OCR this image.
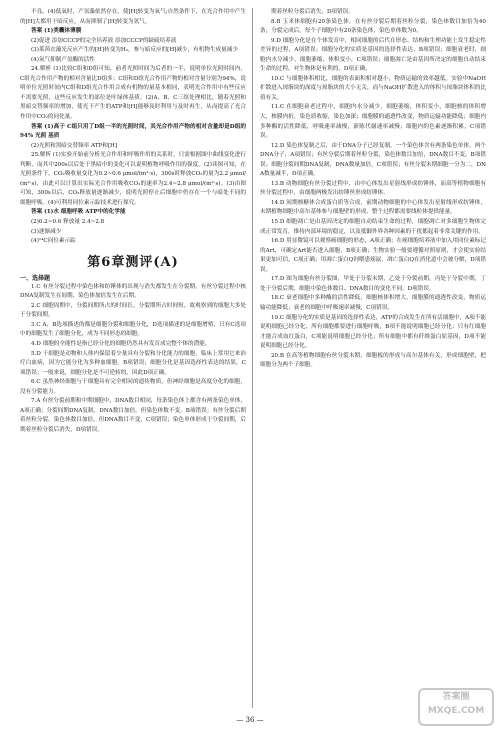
不良。(4)低氧时，产氢藻依然存在，使[H]转变为氧气;自然条件下，在光合作用中产生的[H]大都用于暗反应，从而抑制了[H]转变为氢气。

答案 (1)类囊体薄膜

(2)促进 添加CCCP的完全培养液 添加CCCP的缺硫培养液

(3)莱茵衣藻光反应产生的[H]转变为H₂，参与暗反应的[H]减少，有机物生成量减少

(4)氧气抑制产氢酶的活性

24.解析 (1)比较C组和D组可知，前者光照时间为后者的一半，说明单位光照时间内，C组光合作用产物的相对含量比D组多；C组和D组光合作用产物的相对含量分别为94%，说明单位光照时间内C组和D组光合作用合成有机物的量基本相同，表明光合作用中有些反应不需要光照，这些反应发生的部位是叶绿体基质。(2)A、B、C三组处理相比，随着光照和黑暗交替频率的增加，使光下产生的ATP和[H]能够及时利用与及时再生，从而提高了光合作用中CO₂的同化量。

答案 (1)高于 C组只用了D组一半的光照时间，其光合作用产物的相对含量却是D组的94% 光照 基质

(2)光照和黑暗交替频率 ATP和[H]

25.解析 (1)实验开始前分析光合作用和呼吸作用的关系时，只需根据图中曲线变化进行判断，而其中200s以后处于黑暗中的变化可以说明植物呼吸作用的强度。(2)读图可知，在光照条件下，CO₂吸收量变化为0.2~0.6 μmol/(m²·s)，300s时释放CO₂的量为2.2 μmol/(m²·s)，由此可以计算出实际光合作用吸收CO₂的速率为2.4~2.8 μmol/(m²·s)。(3)由图可知，300s以后，CO₂释放量逐渐减少，说明光照停止后细胞中仍存在一个与暗处不同的细胞呼吸。(4)可利用同位素示踪技术进行探究。

答案 (1)水 细胞呼吸 ATP中的化学能

(2)0.2~0.6 释放量 2.4~2.8

(3)逐渐减少

(4)¹⁴C同位素示踪

第6章测评(A)
一、选择题

1.C 有丝分裂过程中染色体和纺锤体的出现与消失都发生在分裂期。有丝分裂过程中核DNA复制发生在间期，染色体加倍发生在后期。

2.C 细胞周期中，分裂间期所占的时间长，分裂期所占时间短，故观察到的细胞大多处于分裂间期。

3.C A、B选项描述的都是细胞分裂和细胞分化，D选项描述的是细胞增殖，只有C选项中的细胞发生了细胞分化，成为不同形态的细胞。

4.D 细胞的全能性是指已经分化的细胞仍然具有发育成完整个体的潜能。

5.D 干细胞是动物和人体内保留着少量具有分裂和分化能力的细胞，临床上常用它来治疗白血病，因为它能分化为多种血细胞。B项错误；细胞分化是基因选择性表达的结果，C项错误；一般来说，细胞分化是不可逆转的，因此D项正确。

6.C 虽然神经细胞与干细胞具有完全相同的遗传物质，但神经细胞是高度分化的细胞，没有分裂能力。

7.A 有丝分裂前期和中期细胞中，DNA数目相同，每条染色体上都含有两条染色单体，A项正确；分裂间期DNA复制，DNA数目加倍，但染色体数不变，B项错误；有丝分裂后期着丝粒分裂，染色体数目加倍，但DNA数目不变，C项错误；染色单体形成于分裂间期，后期着丝粒分裂后消失，D项错误。

期着丝粒分裂后消失，D项错误。

8.B 玉米体细胞有20条染色体，在有丝分裂后期着丝粒分裂，染色体数目加倍为40条，分裂完成后，每个子细胞中有20条染色体，染色单体数为0。

9.D 细胞分化是在个体发育中，相同细胞的后代在形态、结构和生理功能上发生稳定性差异的过程，A项错误；细胞分化的实质是基因的选择性表达，B项错误；细胞衰老时，细胞内水分减少，细胞萎缩，体积变小，C项错误；细胞凋亡是由基因所决定的细胞自动结束生命的过程，对生物体是有利的，D项正确。

10.C 与细胞体积相比，细胞的表面积相对越小，物质运输的效率越低。实验中NaOH扩散进入琼脂块的深度与琼脂块的大小无关，而与NaOH扩散进入的体积与琼脂块体积的比值有关。

11.C 在细胞衰老过程中，细胞内水分减少，细胞萎缩，体积变小，细胞核的体积增大，核膜内折，染色质收缩，染色加深；细胞膜的通透性改变，物质运输功能降低；细胞内多种酶的活性降低，呼吸速率减慢，新陈代谢速率减慢；细胞内的色素逐渐积累，C项错误。

12.D 染色体复制之后，由于DNA分子已经复制，一个染色体含有两条染色单体，两个DNA分子，A项错误；有丝分裂后期着丝粒分裂，染色体数目加倍，DNA数目不变，B项错误；细胞分裂间期DNA复制，DNA数量加倍，C项错误；有丝分裂末期细胞一分为二，DNA数量减半，D项正确。

13.B 动物细胞有丝分裂过程中，由中心体发出星射线形成纺锤体，而高等植物细胞有丝分裂过程中，由细胞两极发出纺锤丝形成纺锤体。

14.D 间期核糖体合成蛋白质等合成，前期动物细胞的中心体发出星射线形成纺锤体，末期植物细胞中高尔基体参与细胞壁的形成，整个过程都需要线粒体提供能量。

15.D 细胞凋亡是由基因决定的细胞自动结束生命的过程，细胞凋亡对多细胞生物体完成正常发育，维持内部环境的稳定，以及抵御外界各种因素的干扰都起着非常关键的作用。

16.D 用显微镜可以观察癌细胞的形态，A项正确；在癌细胞培养液中加入用同位素标记的Art，可确定Art能否进入细胞，B项正确；生物实验一般要遵循对照原则，才会使实验结果更加可信，C项正确；用凋亡蛋白Q饲喂患癌鼠，凋亡蛋白Q在消化道中会被分解，D项错误。

17.D 图为细胞有丝分裂图，甲处于分裂末期，乙处于分裂前期，丙处于分裂中期，丁处于分裂后期，细胞中染色体数目、DNA数目的变化不同，D项错误。

18.C 衰老细胞中多种酶的活性降低，细胞核体积增大，细胞膜的通透性改变，物质运输功能降低；衰老的细胞中呼吸速率减慢，C项错误。

19.C 细胞分化的实质是基因的选择性表达，ATP的合成发生在所有活细胞中，A项不能说明细胞已经分化；所有细胞都要进行细胞呼吸，B项不能说明细胞已经分化；只有红细胞才能合成血红蛋白，C项能说明细胞已经分化；所有细胞中都有纤维蛋白原基因，D项不能说明细胞已经分化。

20.B 在高等植物细胞有丝分裂末期，细胞板的形成与高尔基体有关，形成细胞壁，把细胞分为两个子细胞。

— 36 —
答案圈
MXQE.COM
